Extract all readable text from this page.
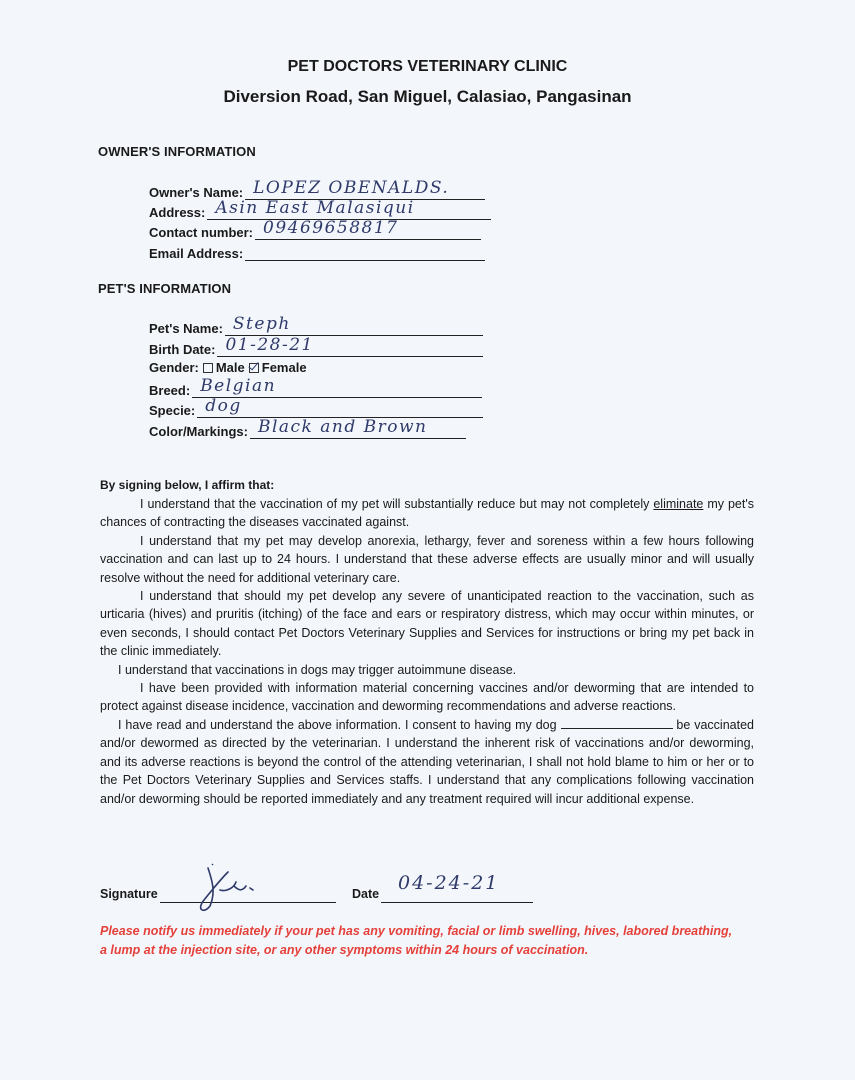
PET DOCTORS VETERINARY CLINIC
Diversion Road, San Miguel, Calasiao, Pangasinan
OWNER'S INFORMATION
Owner's Name: LOPEZ OBENALDS.
Address: Asin East Malasiqui
Contact number: 09469658817
Email Address:
PET'S INFORMATION
Pet's Name: Steph
Birth Date: 01-28-21
Gender: Male Female
Breed: Belgian
Specie: dog
Color/Markings: Black and Brown
By signing below, I affirm that:

I understand that the vaccination of my pet will substantially reduce but may not completely eliminate my pet's chances of contracting the diseases vaccinated against.

I understand that my pet may develop anorexia, lethargy, fever and soreness within a few hours following vaccination and can last up to 24 hours. I understand that these adverse effects are usually minor and will usually resolve without the need for additional veterinary care.

I understand that should my pet develop any severe of unanticipated reaction to the vaccination, such as urticaria (hives) and pruritis (itching) of the face and ears or respiratory distress, which may occur within minutes, or even seconds, I should contact Pet Doctors Veterinary Supplies and Services for instructions or bring my pet back in the clinic immediately.

I understand that vaccinations in dogs may trigger autoimmune disease.

I have been provided with information material concerning vaccines and/or deworming that are intended to protect against disease incidence, vaccination and deworming recommendations and adverse reactions.

I have read and understand the above information. I consent to having my dog	be vaccinated and/or dewormed as directed by the veterinarian. I understand the inherent risk of vaccinations and/or deworming, and its adverse reactions is beyond the control of the attending veterinarian, I shall not hold blame to him or her or to the Pet Doctors Veterinary Supplies and Services staffs. I understand that any complications following vaccination and/or deworming should be reported immediately and any treatment required will incur additional expense.

Signature	Date 04-24-21
Please notify us immediately if your pet has any vomiting, facial or limb swelling, hives, labored breathing, a lump at the injection site, or any other symptoms within 24 hours of vaccination.
